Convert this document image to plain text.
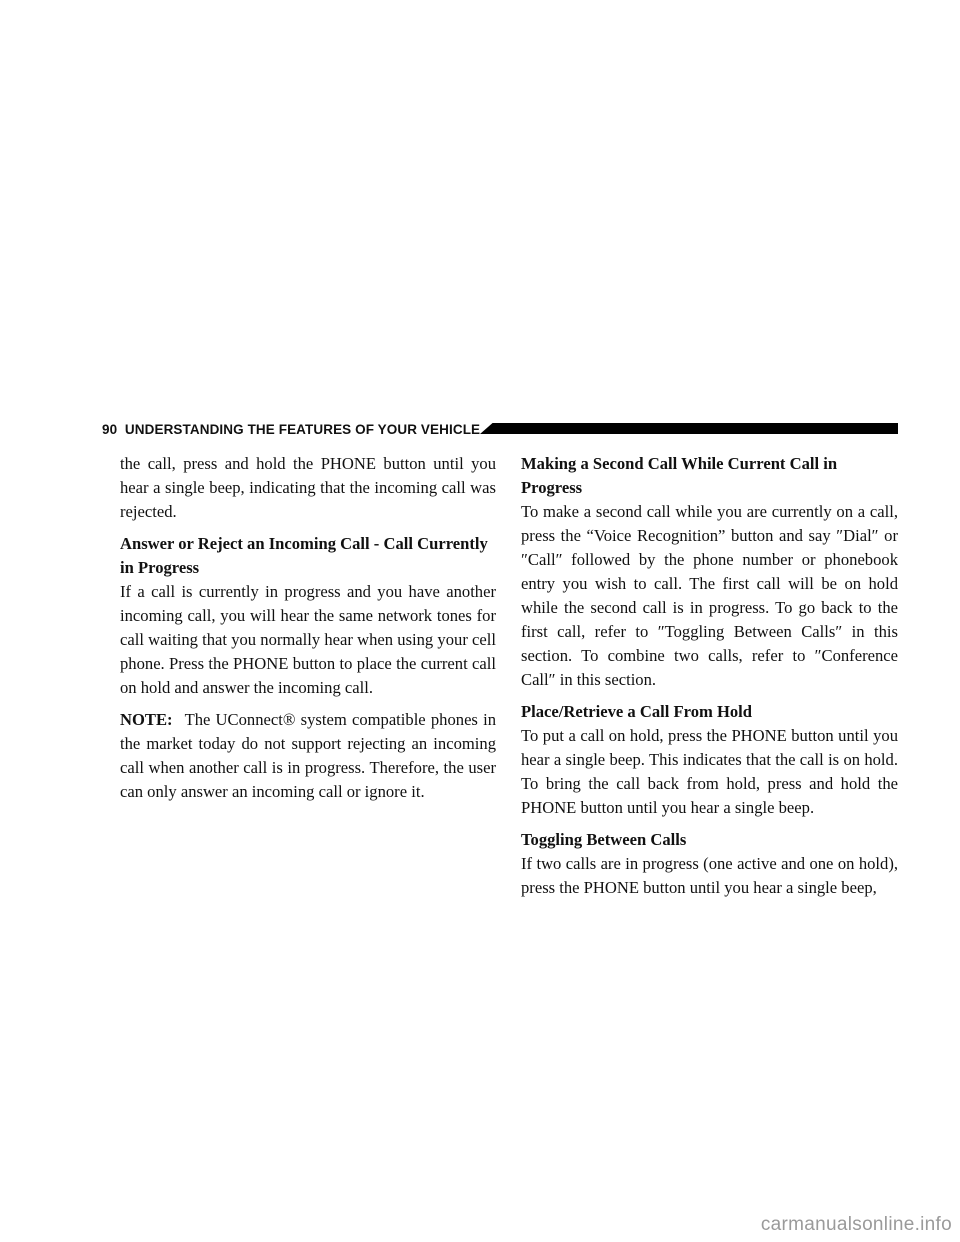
90 UNDERSTANDING THE FEATURES OF YOUR VEHICLE

the call, press and hold the PHONE button until you hear a single beep, indicating that the incoming call was rejected.

Answer or Reject an Incoming Call - Call Currently in Progress

If a call is currently in progress and you have another incoming call, you will hear the same network tones for call waiting that you normally hear when using your cell phone. Press the PHONE button to place the current call on hold and answer the incoming call.

NOTE: The UConnect® system compatible phones in the market today do not support rejecting an incoming call when another call is in progress. Therefore, the user can only answer an incoming call or ignore it.

Making a Second Call While Current Call in Progress

To make a second call while you are currently on a call, press the “Voice Recognition” button and say ″Dial″ or ″Call″ followed by the phone number or phonebook entry you wish to call. The first call will be on hold while the second call is in progress. To go back to the first call, refer to ″Toggling Between Calls″ in this section. To combine two calls, refer to ″Conference Call″ in this section.

Place/Retrieve a Call From Hold

To put a call on hold, press the PHONE button until you hear a single beep. This indicates that the call is on hold. To bring the call back from hold, press and hold the PHONE button until you hear a single beep.

Toggling Between Calls

If two calls are in progress (one active and one on hold), press the PHONE button until you hear a single beep,

carmanualsonline.info
